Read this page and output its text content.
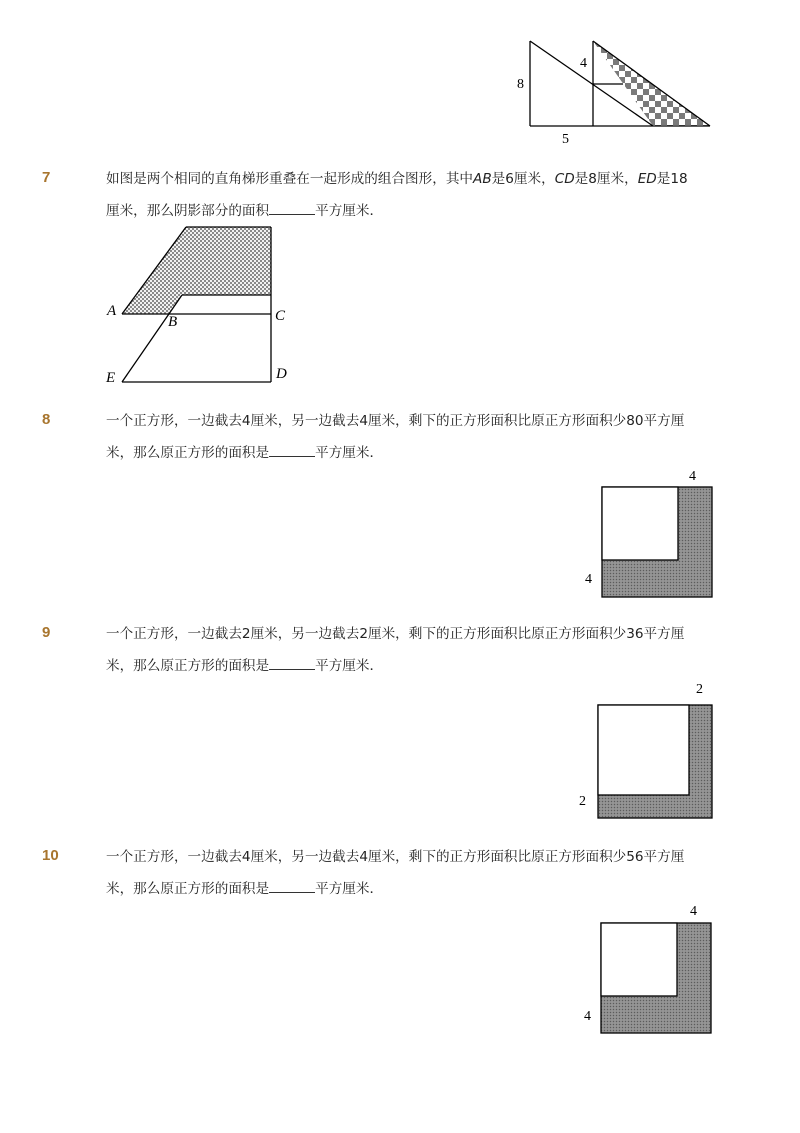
8
4
5
7	如图是两个相同的直角梯形重叠在一起形成的组合图形，其中AB是6厘米，CD是8厘米，ED是18
厘米，那么阴影部分的面积	平方厘米．
A
B	C
D
E
8	一个正方形，一边截去4厘米，另一边截去4厘米，剩下的正方形面积比原正方形面积少80平方厘
米，那么原正方形的面积是	平方厘米．
4
4
9	一个正方形，一边截去2厘米，另一边截去2厘米，剩下的正方形面积比原正方形面积少36平方厘
米，那么原正方形的面积是	平方厘米．
2
2
10	一个正方形，一边截去4厘米，另一边截去4厘米，剩下的正方形面积比原正方形面积少56平方厘
米，那么原正方形的面积是	平方厘米．
4
4
